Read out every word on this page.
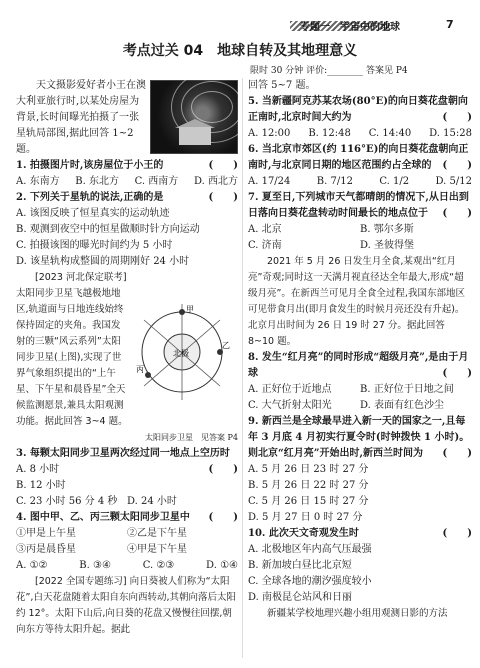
专题一　宇宙中的地球	7
考点过关 04　地球自转及其地理意义
限时 30 分钟 评价:________ 答案见 P4
北极
甲
乙
丙

天文摄影爱好者小王在澳大利亚旅行时,以某处房屋为背景,长时间曝光拍摄了一张星轨局部图,据此回答 1~2 题。

1. 拍摄图片时,该房屋位于小王的	(　　)

A. 东南方 B. 东北方 C. 西南方 D. 西北方

2. 下列关于星轨的说法,正确的是	(　　)

A. 该图反映了恒星真实的运动轨迹

B. 观测到夜空中的恒星做顺时针方向运动

C. 拍摄该图的曝光时间约为 5 小时

D. 该星轨构成整圆的周期刚好 24 小时

[2023 河北保定联考] 太阳同步卫星飞越极地地区,轨道面与日地连线始终保持固定的夹角。我国发射的三颗“风云系列”太阳同步卫星(上图),实现了世界气象组织提出的“上午星、下午星和晨昏星”全天候监测愿景,兼具太阳观测功能。据此回答 3~4 题。

太阳同步卫星　 见答案 P4

3. 每颗太阳同步卫星两次经过同一地点上空历时
(　　)

A. 8 小时B. 12 小时 C. 23 小时 56 分 4 秒 D. 24 小时

4. 图中甲、乙、丙三颗太阳同步卫星中 (　　)

①甲是上午星	②乙是下午星 ③丙是晨昏星	④甲是下午星
A. ①②	B. ③④	C. ②③	D. ①④

[2022 全国专题练习] 向日葵被人们称为“太阳花”,白天花盘随着太阳自东向西转动,其朝向落后太阳约 12°。太阳下山后,向日葵的花盘又慢慢往回摆,朝向东方等待太阳升起。据此

回答 5~7 题。

5. 当新疆阿克苏某农场(80°E)的向日葵花盘朝向正南时,北京时间大约为	(　　)

A. 12:00 B. 12:48 C. 14:40 D. 15:28

6. 当北京市郊区(约 116°E)的向日葵花盘朝向正南时,与北京同日期的地区范围约占全球的 (　　)

A. 17/24	B. 7/12	C. 1/2	D. 5/12

7. 夏至日,下列城市天气都晴朗的情况下,从日出到日落向日葵花盘转动时间最长的地点位于 (　　)

A. 北京	B. 鄂尔多斯 C. 济南	D. 圣彼得堡

2021 年 5 月 26 日发生月全食,某观出“红月亮”奇观;同时这一天满月视直径达全年最大,形成“超级月亮”。在新西兰可见月全食全过程,我国东部地区可见带食月出(即月食发生的时候月亮还没有升起)。北京月出时间为 26 日 19 时 27 分。据此回答 8~10 题。

8. 发生“红月亮”的同时形成“超级月亮”,是由于月球	(　　)

A. 正好位于近地点	B. 正好位于日地之间 C. 大气折射太阳光	D. 表面有红色沙尘

9. 新西兰是全球最早进入新一天的国家之一,且每年 3 月底 4 月初实行夏令时(时钟拨快 1 小时)。则北京“红月亮”开始出时,新西兰时间为 (　　)

A. 5 月 26 日 23 时 27 分

B. 5 月 26 日 22 时 27 分

C. 5 月 26 日 15 时 27 分

D. 5 月 27 日 0 时 27 分

10. 此次天文奇观发生时	(　　)

A. 北极地区年内高气压最强

B. 新加坡白昼比北京短

C. 全球各地的潮汐强度较小

D. 南极昆仑站风和日丽

新疆某学校地理兴趣小组用观测日影的方法
